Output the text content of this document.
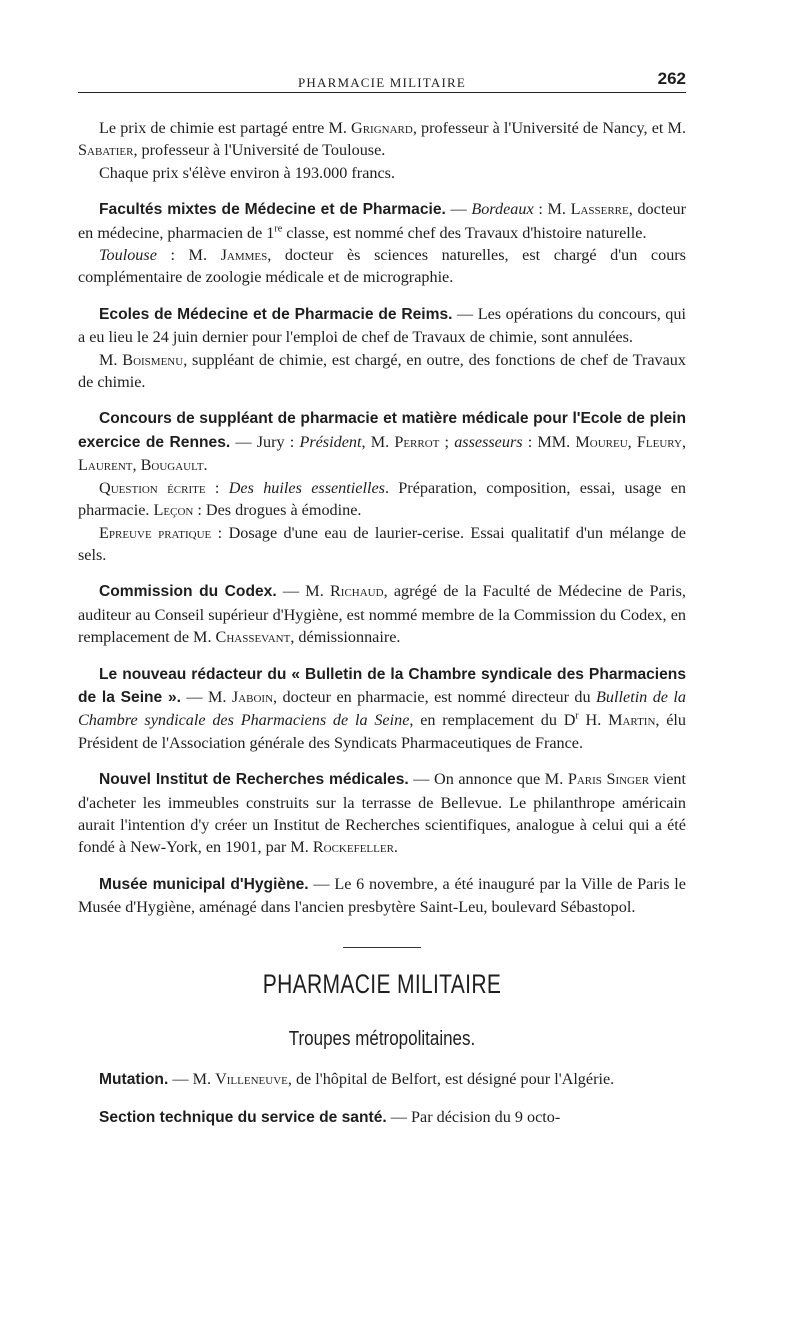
PHARMACIE MILITAIRE	262

Le prix de chimie est partagé entre M. Grignard, professeur à l'Université de Nancy, et M. Sabatier, professeur à l'Université de Toulouse.

Chaque prix s'élève environ à 193.000 francs.

Facultés mixtes de Médecine et de Pharmacie. — Bordeaux : M. Lasserre, docteur en médecine, pharmacien de 1re classe, est nommé chef des Travaux d'histoire naturelle.

Toulouse : M. Jammes, docteur ès sciences naturelles, est chargé d'un cours complémentaire de zoologie médicale et de micrographie.

Ecoles de Médecine et de Pharmacie de Reims. — Les opérations du concours, qui a eu lieu le 24 juin dernier pour l'emploi de chef de Travaux de chimie, sont annulées.

M. Boismenu, suppléant de chimie, est chargé, en outre, des fonctions de chef de Travaux de chimie.

Concours de suppléant de pharmacie et matière médicale pour l'Ecole de plein exercice de Rennes. — Jury : Président, M. Perrot ; assesseurs : MM. Moureu, Fleury, Laurent, Bougault.

Question écrite : Des huiles essentielles. Préparation, composition, essai, usage en pharmacie. Leçon : Des drogues à émodine.

Epreuve pratique : Dosage d'une eau de laurier-cerise. Essai qualitatif d'un mélange de sels.

Commission du Codex. — M. Richaud, agrégé de la Faculté de Médecine de Paris, auditeur au Conseil supérieur d'Hygiène, est nommé membre de la Commission du Codex, en remplacement de M. Chassevant, démissionnaire.

Le nouveau rédacteur du « Bulletin de la Chambre syndicale des Pharmaciens de la Seine ». — M. Jaboin, docteur en pharmacie, est nommé directeur du Bulletin de la Chambre syndicale des Pharmaciens de la Seine, en remplacement du $D^r$ H. Martin, élu Président de l'Association générale des Syndicats Pharmaceutiques de France.

Nouvel Institut de Recherches médicales. — On annonce que M. Paris Singer vient d'acheter les immeubles construits sur la terrasse de Bellevue. Le philanthrope américain aurait l'intention d'y créer un Institut de Recherches scientifiques, analogue à celui qui a été fondé à New-York, en 1901, par M. Rockefeller.

Musée municipal d'Hygiène. — Le 6 novembre, a été inauguré par la Ville de Paris le Musée d'Hygiène, aménagé dans l'ancien presbytère Saint-Leu, boulevard Sébastopol.

PHARMACIE MILITAIRE
Troupes métropolitaines.

Mutation. — M. Villeneuve, de l'hôpital de Belfort, est désigné pour l'Algérie.

Section technique du service de santé. — Par décision du 9 octo-
